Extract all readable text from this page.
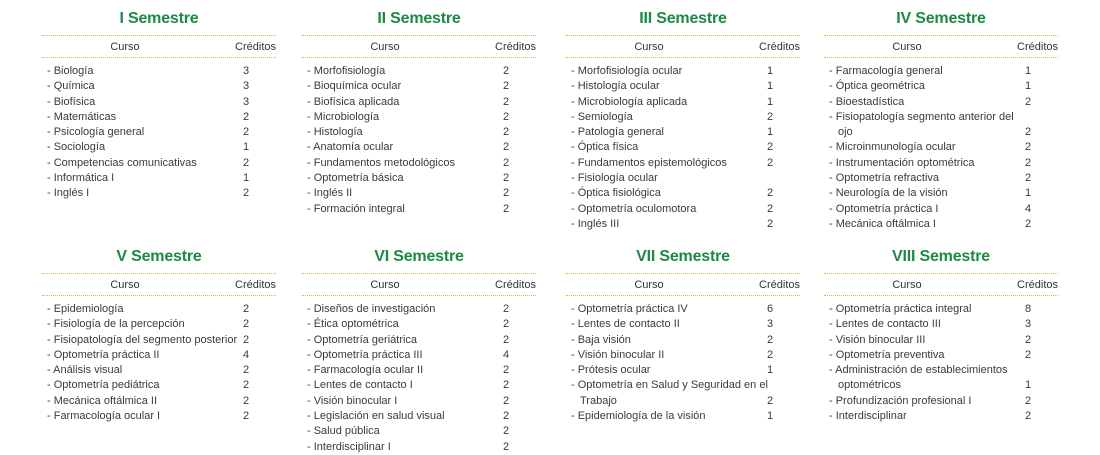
I Semestre
Curso	Créditos
- Biología	3
- Química	3
- Biofísica	3
- Matemáticas	2
- Psicología general	2
- Sociología	1
- Competencias comunicativas	2
- Informática I	1
- Inglés I	2
II Semestre
Curso	Créditos
- Morfofisiología	2
- Bioquímica ocular	2
- Biofísica aplicada	2
- Microbiología	2
- Histología	2
- Anatomía ocular	2
- Fundamentos metodológicos	2
- Optometría básica	2
- Inglés II	2
- Formación integral	2
III Semestre
Curso	Créditos
- Morfofisiología ocular	1
- Histología ocular	1
- Microbiología aplicada	1
- Semiología	2
- Patología general	1
- Óptica física	2
- Fundamentos epistemológicos	2
- Fisiología ocular
- Óptica fisiológica	2
- Optometría oculomotora	2
- Inglés III	2
IV Semestre
Curso	Créditos
- Farmacología general	1
- Óptica geométrica	1
- Bioestadística	2
- Fisiopatología segmento anterior del ojo	2
- Microinmunología ocular	2
- Instrumentación optométrica	2
- Optometría refractiva	2
- Neurología de la visión	1
- Optometría práctica I	4
- Mecánica oftálmica I	2
V Semestre
Curso	Créditos
- Epidemiología	2
- Fisiología de la percepción	2
- Fisiopatología del segmento posterior 2
- Optometría práctica II	4
- Análisis visual	2
- Optometría pediátrica	2
- Mecánica oftálmica II	2
- Farmacología ocular I	2
VI Semestre
Curso	Créditos
- Diseños de investigación	2
- Ética optométrica	2
- Optometría geriátrica	2
- Optometría práctica III	4
- Farmacología ocular II	2
- Lentes de contacto I	2
- Visión binocular I	2
- Legislación en salud visual	2
- Salud pública	2
- Interdisciplinar I	2
VII Semestre
Curso	Créditos
- Optometría práctica IV	6
- Lentes de contacto II	3
- Baja visión	2
- Visión binocular II	2
- Prótesis ocular	1
- Optometría en Salud y Seguridad en el Trabajo	2
- Epidemiología de la visión	1
VIII Semestre
Curso	Créditos
- Optometría práctica integral	8
- Lentes de contacto III	3
- Visión binocular III	2
- Optometría preventiva	2
- Administración de establecimientos optométricos	1
- Profundización profesional I	2
- Interdisciplinar	2
